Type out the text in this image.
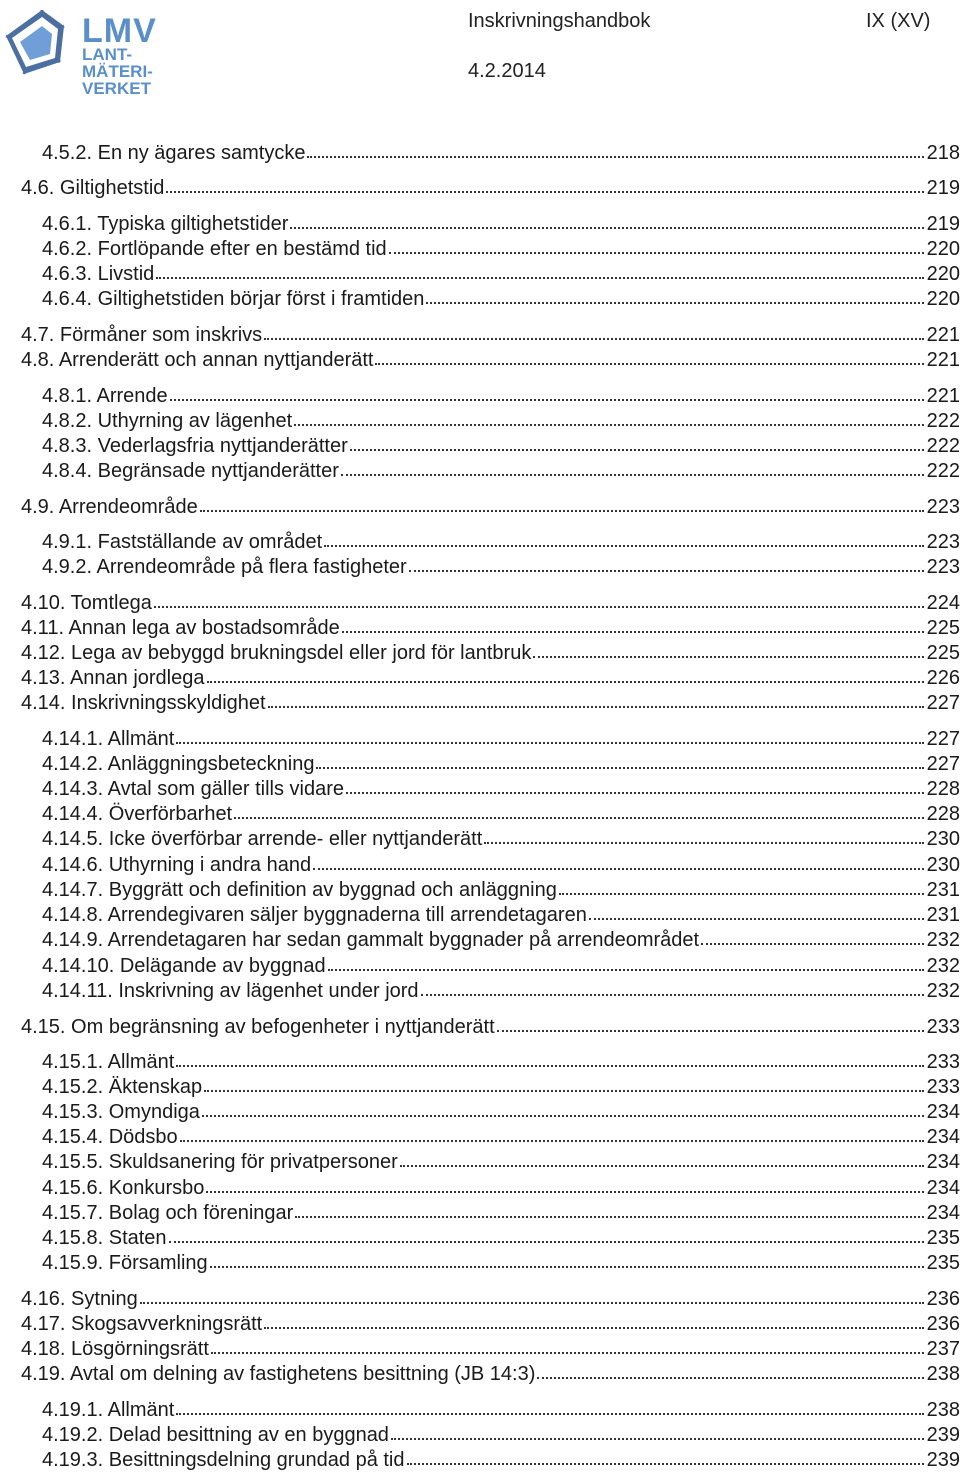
LMV
LANT-
MÄTERI-
VERKET
Inskrivningshandbok	IX (XV)
4.2.2014
4.5.2. En ny ägares samtycke	218
4.6. Giltighetstid	219
4.6.1. Typiska giltighetstider	219
4.6.2. Fortlöpande efter en bestämd tid	220
4.6.3. Livstid	220
4.6.4. Giltighetstiden börjar först i framtiden	220
4.7. Förmåner som inskrivs	221
4.8. Arrenderätt och annan nyttjanderätt	221
4.8.1. Arrende	221
4.8.2. Uthyrning av lägenhet	222
4.8.3. Vederlagsfria nyttjanderätter	222
4.8.4. Begränsade nyttjanderätter	222
4.9. Arrendeområde	223
4.9.1. Fastställande av området	223
4.9.2. Arrendeområde på flera fastigheter	223
4.10. Tomtlega	224
4.11. Annan lega av bostadsområde	225
4.12. Lega av bebyggd brukningsdel eller jord för lantbruk	225
4.13. Annan jordlega	226
4.14. Inskrivningsskyldighet	227
4.14.1. Allmänt	227
4.14.2. Anläggningsbeteckning	227
4.14.3. Avtal som gäller tills vidare	228
4.14.4. Överförbarhet	228
4.14.5. Icke överförbar arrende- eller nyttjanderätt	230
4.14.6. Uthyrning i andra hand	230
4.14.7. Byggrätt och definition av byggnad och anläggning	231
4.14.8. Arrendegivaren säljer byggnaderna till arrendetagaren	231
4.14.9. Arrendetagaren har sedan gammalt byggnader på arrendeområdet	232
4.14.10. Delägande av byggnad	232
4.14.11. Inskrivning av lägenhet under jord	232
4.15. Om begränsning av befogenheter i nyttjanderätt	233
4.15.1. Allmänt	233
4.15.2. Äktenskap	233
4.15.3. Omyndiga	234
4.15.4. Dödsbo	234
4.15.5. Skuldsanering för privatpersoner	234
4.15.6. Konkursbo	234
4.15.7. Bolag och föreningar	234
4.15.8. Staten	235
4.15.9. Församling	235
4.16. Sytning	236
4.17. Skogsavverkningsrätt	236
4.18. Lösgörningsrätt	237
4.19. Avtal om delning av fastighetens besittning (JB 14:3)	238
4.19.1. Allmänt	238
4.19.2. Delad besittning av en byggnad	239
4.19.3. Besittningsdelning grundad på tid	239
